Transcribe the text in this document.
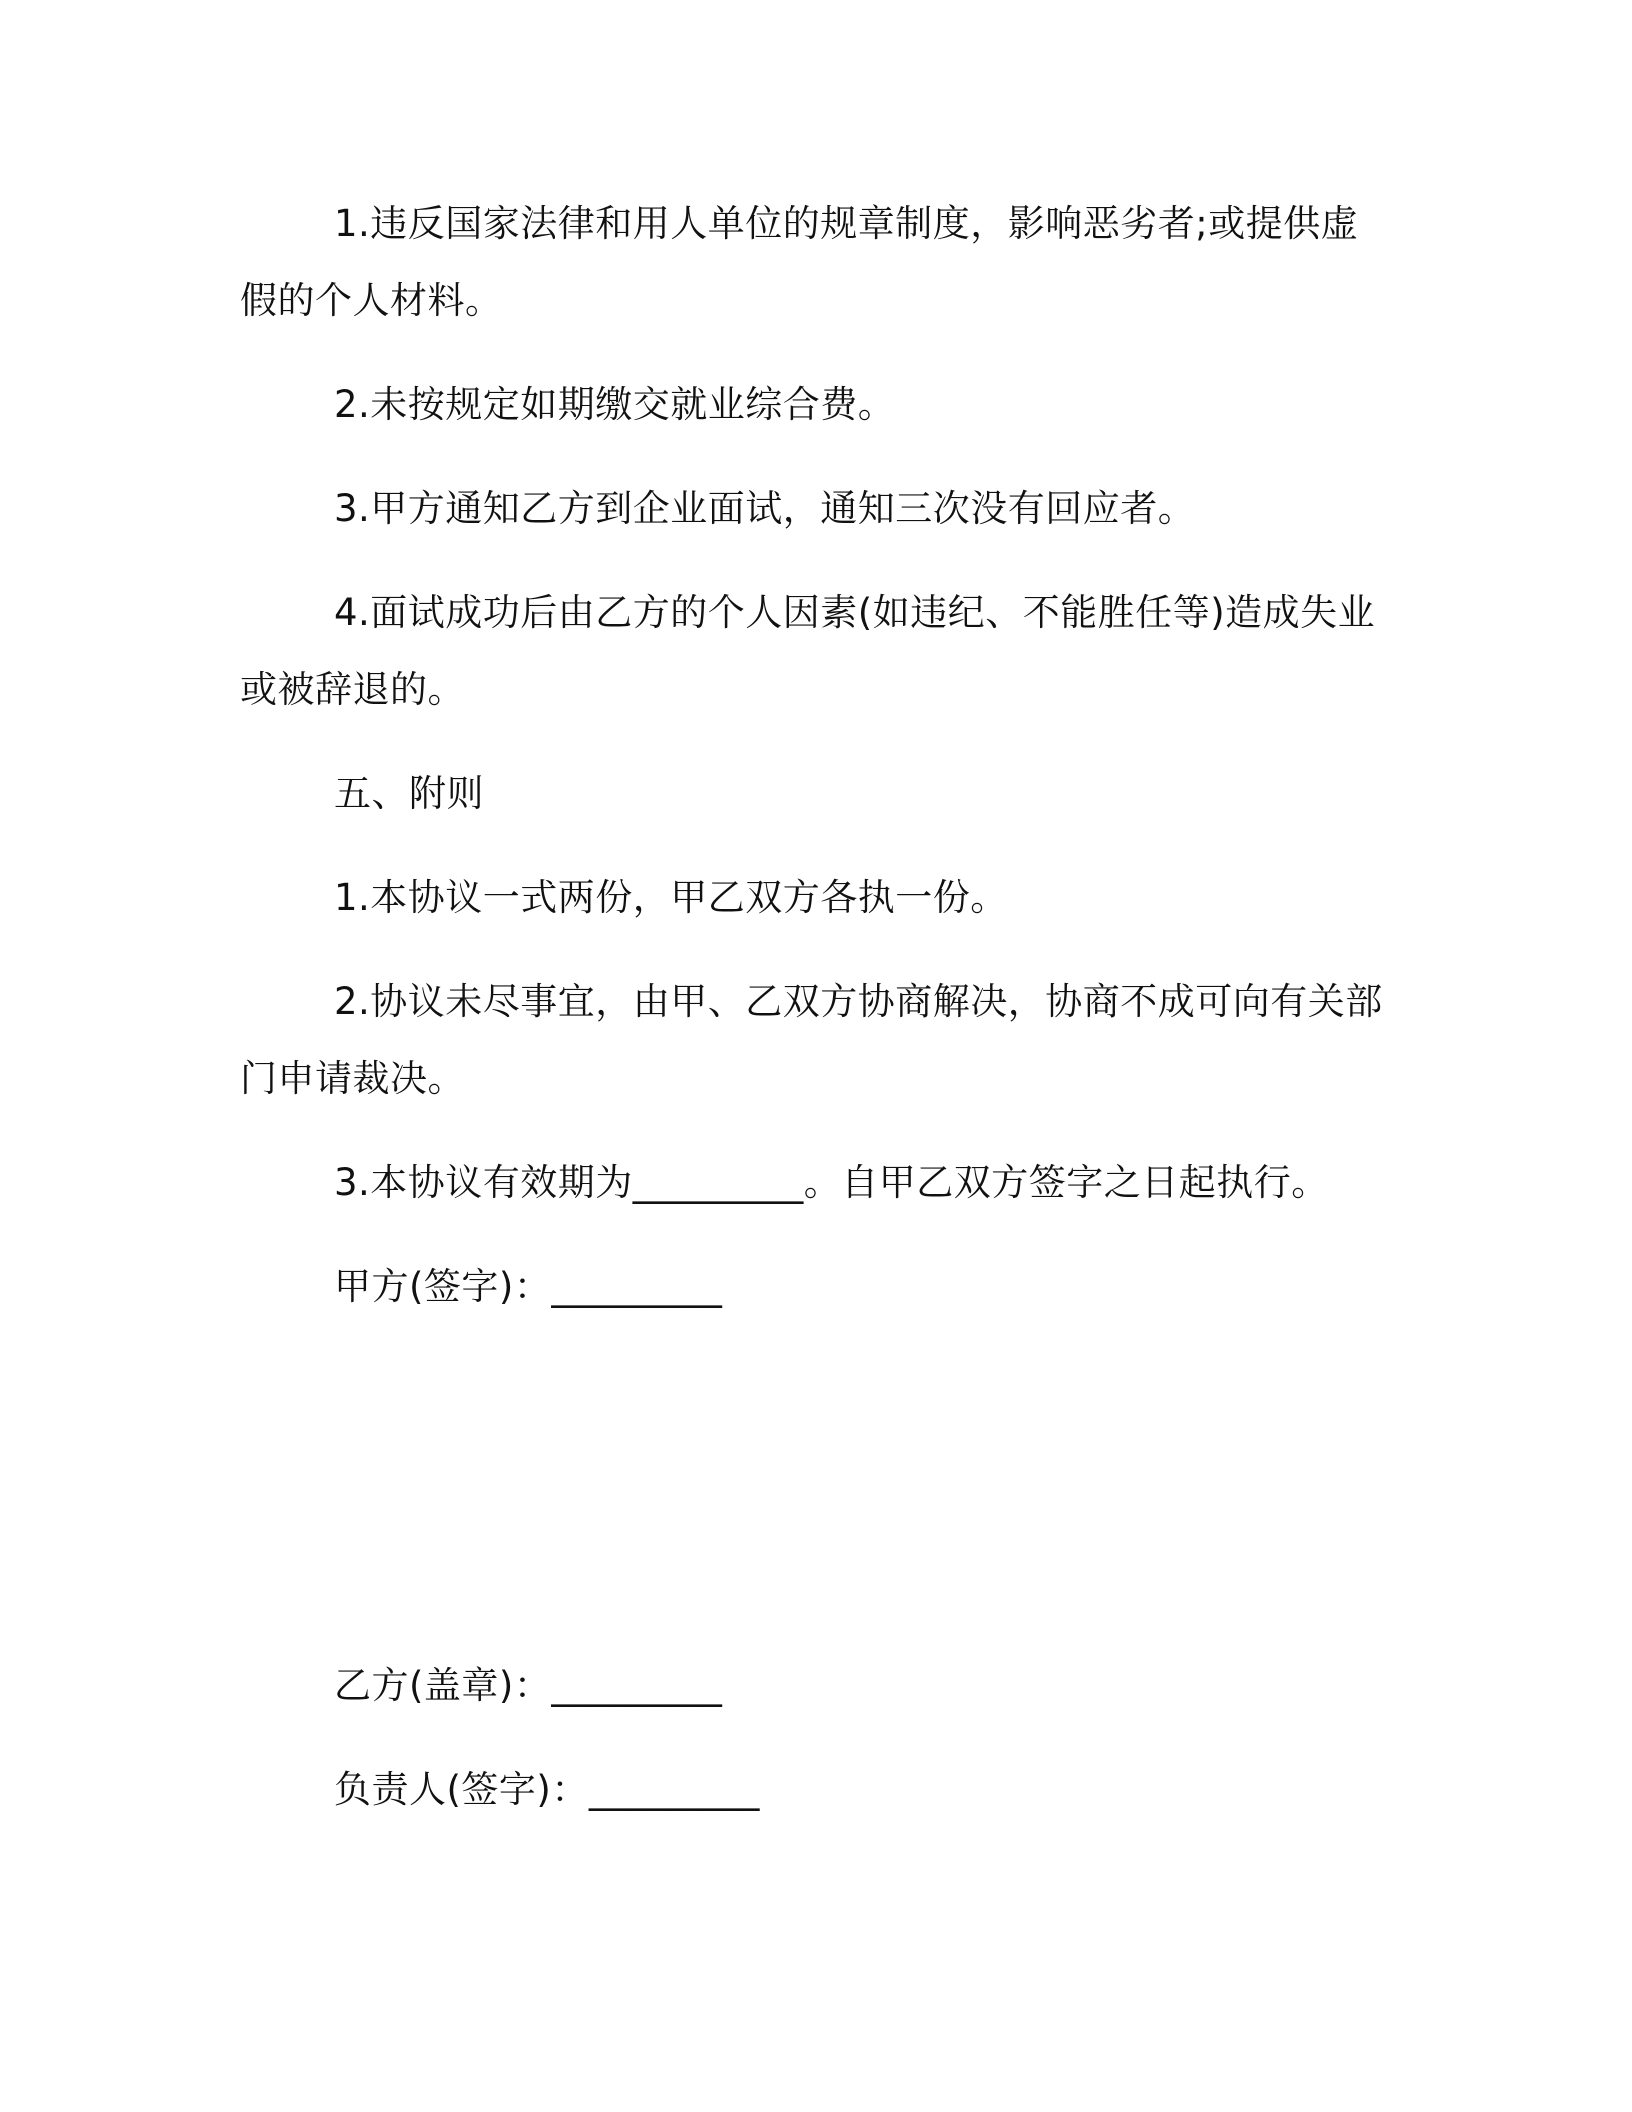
1.违反国家法律和用人单位的规章制度，影响恶劣者;或提供虚假的个人材料。

2.未按规定如期缴交就业综合费。

3.甲方通知乙方到企业面试，通知三次没有回应者。

4.面试成功后由乙方的个人因素(如违纪、不能胜任等)造成失业或被辞退的。

五、附则

1.本协议一式两份，甲乙双方各执一份。

2.协议未尽事宜，由甲、乙双方协商解决，协商不成可向有关部门申请裁决。

3.本协议有效期为_________。自甲乙双方签字之日起执行。

甲方(签字)：_________

乙方(盖章)：_________

负责人(签字)：_________
